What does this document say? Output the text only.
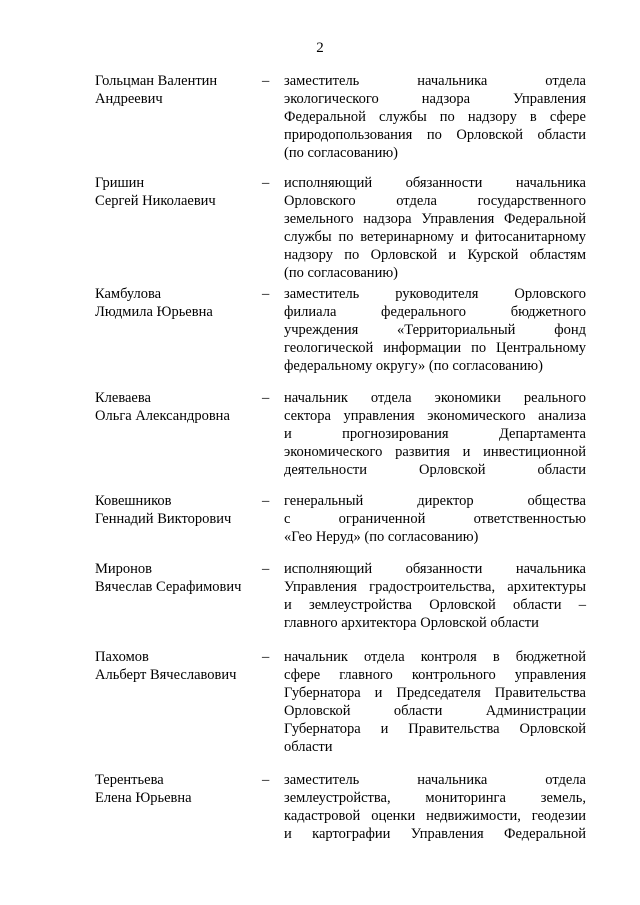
2
Гольцман Валентин
Андреевич
– заместитель начальника отдела
экологического надзора Управления
Федеральной службы по надзору в сфере
природопользования по Орловской области
(по согласованию)
Гришин
Сергей Николаевич
– исполняющий обязанности начальника
Орловского отдела государственного
земельного надзора Управления Федеральной
службы по ветеринарному и фитосанитарному
надзору по Орловской и Курской областям
(по согласованию)
Камбулова
Людмила Юрьевна
– заместитель руководителя Орловского
филиала федерального бюджетного
учреждения «Территориальный фонд
геологической информации по Центральному
федеральному округу» (по согласованию)
Клеваева
Ольга Александровна
– начальник отдела экономики реального
сектора управления экономического анализа
и прогнозирования Департамента
экономического развития и инвестиционной
деятельности Орловской области
Ковешников
Геннадий Викторович
– генеральный директор общества
с ограниченной ответственностью
«Гео Неруд» (по согласованию)
Миронов
Вячеслав Серафимович
– исполняющий обязанности начальника
Управления градостроительства, архитектуры
и землеустройства Орловской области –
главного архитектора Орловской области
Пахомов
Альберт Вячеславович
– начальник отдела контроля в бюджетной
сфере главного контрольного управления
Губернатора и Председателя Правительства
Орловской области Администрации
Губернатора и Правительства Орловской
области
Терентьева
Елена Юрьевна
– заместитель начальника отдела
землеустройства, мониторинга земель,
кадастровой оценки недвижимости, геодезии
и картографии Управления Федеральной
